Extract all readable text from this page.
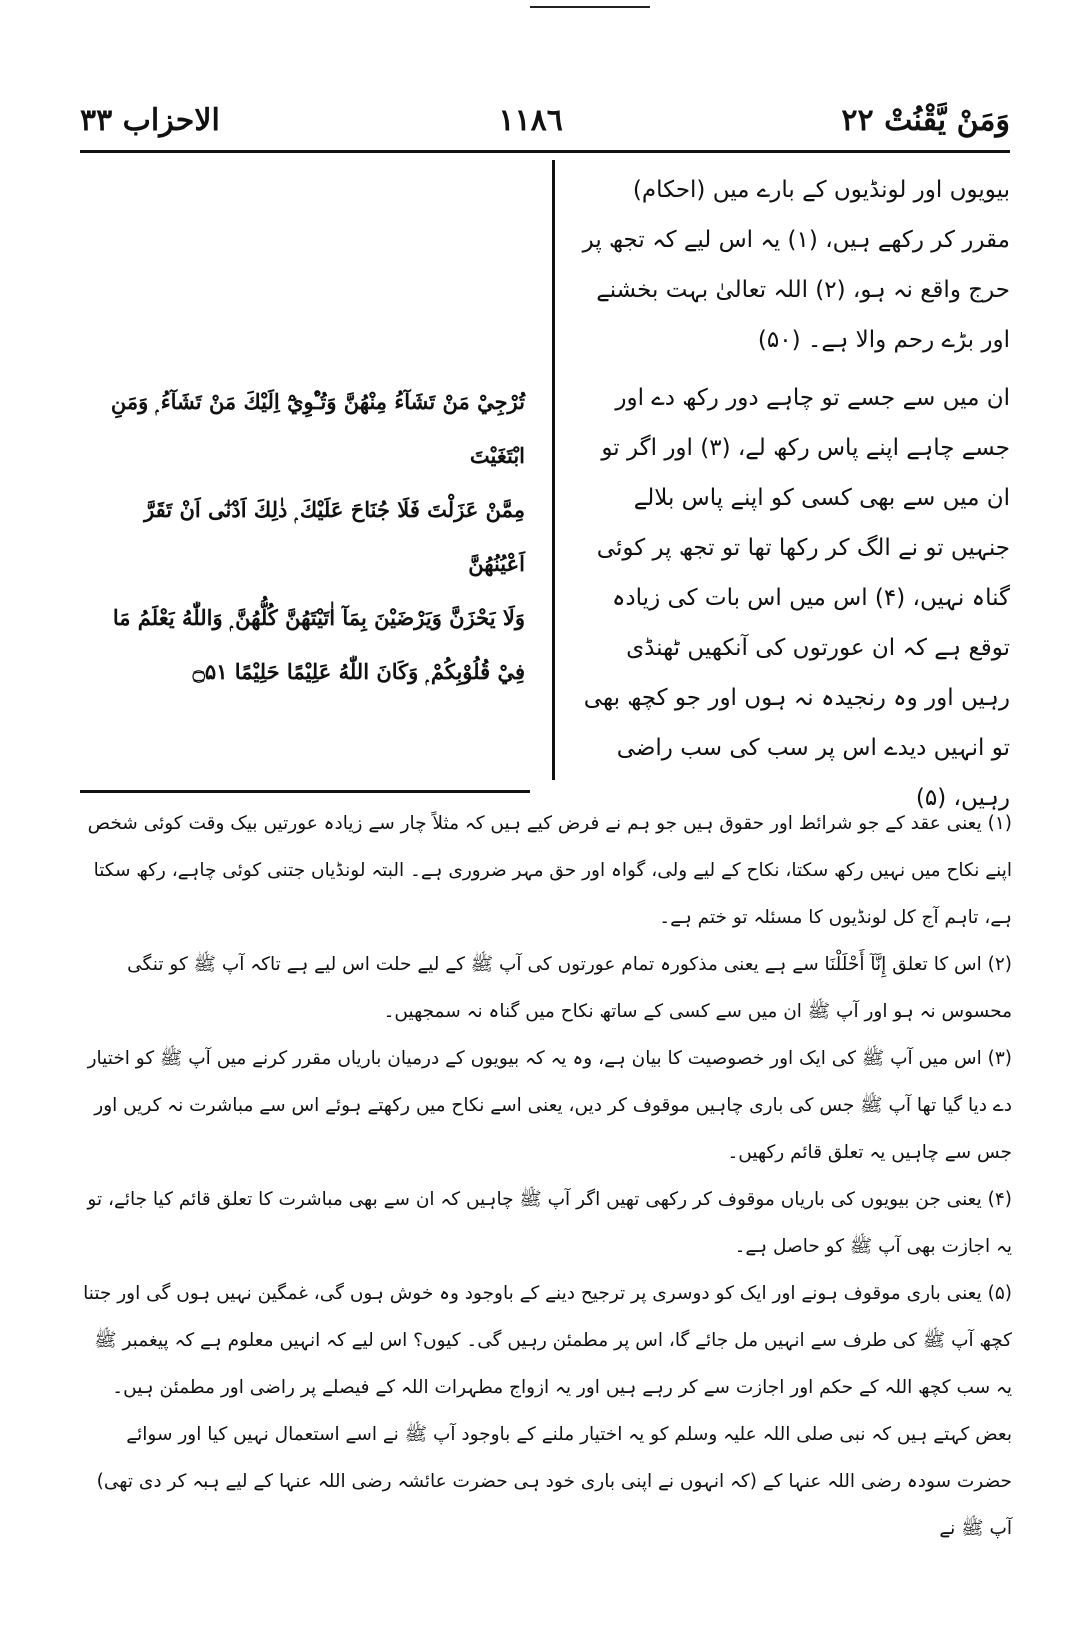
الاحزاب ٣٣	١١٨٦	وَمَنْ يَّقْنُتْ ٢٢

بیویوں اور لونڈیوں کے بارے میں (احکام) مقرر کر رکھے ہیں، (۱) یہ اس لیے کہ تجھ پر حرج واقع نہ ہو، (۲) اللہ تعالیٰ بہت بخشنے اور بڑے رحم والا ہے۔ (۵۰)

ان میں سے جسے تو چاہے دور رکھ دے اور جسے چاہے اپنے پاس رکھ لے، (۳) اور اگر تو ان میں سے بھی کسی کو اپنے پاس بلالے جنہیں تو نے الگ کر رکھا تھا تو تجھ پر کوئی گناہ نہیں، (۴) اس میں اس بات کی زیادہ توقع ہے کہ ان عورتوں کی آنکھیں ٹھنڈی رہیں اور وہ رنجیدہ نہ ہوں اور جو کچھ بھی تو انہیں دیدے اس پر سب کی سب راضی رہیں، (۵)

تُرْجِيْ مَنْ تَشَآءُ مِنْهُنَّ وَتُـْٔوِيْٓ اِلَيْكَ مَنْ تَشَآءُ ۭ وَمَنِ ابْتَغَيْتَ

مِمَّنْ عَزَلْتَ فَلَا جُنَاحَ عَلَيْكَ ۭ ذٰلِكَ اَدْنٰٓى اَنْ تَقَرَّ اَعْيُنُهُنَّ

وَلَا يَحْزَنَّ وَيَرْضَيْنَ بِمَآ اٰتَيْتَهُنَّ كُلُّهُنَّ ۭ وَاللّٰهُ يَعْلَمُ مَا

فِيْ قُلُوْبِكُمْ ۭ وَكَانَ اللّٰهُ عَلِيْمًا حَلِيْمًا ۝۵۱

(۱) یعنی عقد کے جو شرائط اور حقوق ہیں جو ہم نے فرض کیے ہیں کہ مثلاً چار سے زیادہ عورتیں بیک وقت کوئی شخص اپنے نکاح میں نہیں رکھ سکتا، نکاح کے لیے ولی، گواہ اور حق مہر ضروری ہے۔ البتہ لونڈیاں جتنی کوئی چاہے، رکھ سکتا ہے، تاہم آج کل لونڈیوں کا مسئلہ تو ختم ہے۔

(۲) اس کا تعلق إِنَّآ أَحْلَلْنَا سے ہے یعنی مذکورہ تمام عورتوں کی آپ ﷺ کے لیے حلت اس لیے ہے تاکہ آپ ﷺ کو تنگی محسوس نہ ہو اور آپ ﷺ ان میں سے کسی کے ساتھ نکاح میں گناہ نہ سمجھیں۔

(۳) اس میں آپ ﷺ کی ایک اور خصوصیت کا بیان ہے، وہ یہ کہ بیویوں کے درمیان باریاں مقرر کرنے میں آپ ﷺ کو اختیار دے دیا گیا تھا آپ ﷺ جس کی باری چاہیں موقوف کر دیں، یعنی اسے نکاح میں رکھتے ہوئے اس سے مباشرت نہ کریں اور جس سے چاہیں یہ تعلق قائم رکھیں۔

(۴) یعنی جن بیویوں کی باریاں موقوف کر رکھی تھیں اگر آپ ﷺ چاہیں کہ ان سے بھی مباشرت کا تعلق قائم کیا جائے، تو یہ اجازت بھی آپ ﷺ کو حاصل ہے۔

(۵) یعنی باری موقوف ہونے اور ایک کو دوسری پر ترجیح دینے کے باوجود وہ خوش ہوں گی، غمگین نہیں ہوں گی اور جتنا کچھ آپ ﷺ کی طرف سے انہیں مل جائے گا، اس پر مطمئن رہیں گی۔ کیوں؟ اس لیے کہ انہیں معلوم ہے کہ پیغمبر ﷺ یہ سب کچھ اللہ کے حکم اور اجازت سے کر رہے ہیں اور یہ ازواج مطہرات اللہ کے فیصلے پر راضی اور مطمئن ہیں۔ بعض کہتے ہیں کہ نبی صلی اللہ علیہ وسلم کو یہ اختیار ملنے کے باوجود آپ ﷺ نے اسے استعمال نہیں کیا اور سوائے حضرت سودہ رضی اللہ عنہا کے (کہ انہوں نے اپنی باری خود ہی حضرت عائشہ رضی اللہ عنہا کے لیے ہبہ کر دی تھی) آپ ﷺ نے
